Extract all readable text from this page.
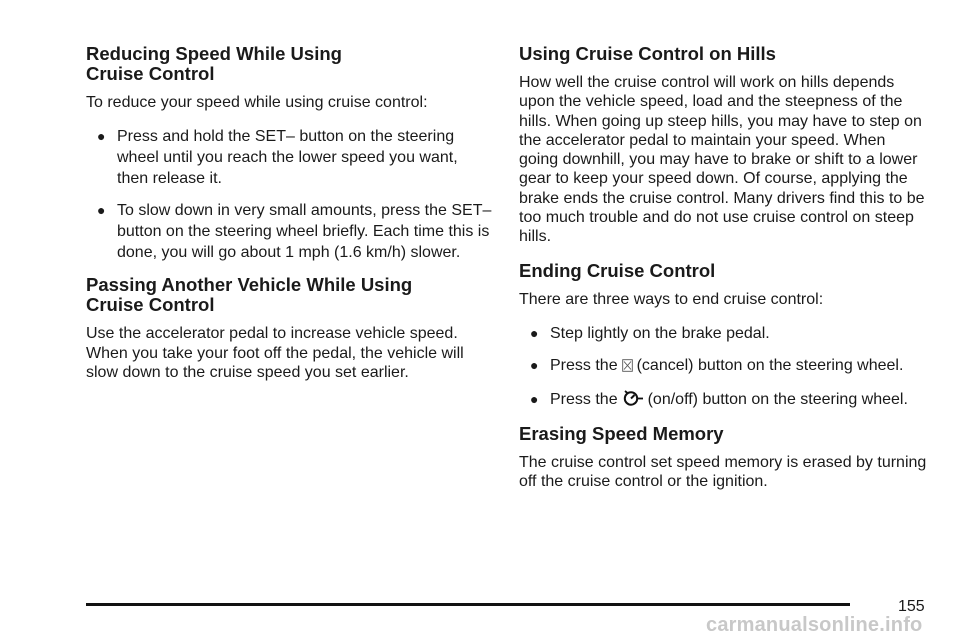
Reducing Speed While Using
Cruise Control

To reduce your speed while using cruise control:

● Press and hold the SET– button on the steering wheel until you reach the lower speed you want, then release it.
● To slow down in very small amounts, press the SET– button on the steering wheel briefly. Each time this is done, you will go about 1 mph (1.6 km/h) slower.
Passing Another Vehicle While Using
Cruise Control

Use the accelerator pedal to increase vehicle speed. When you take your foot off the pedal, the vehicle will slow down to the cruise speed you set earlier.

Using Cruise Control on Hills

How well the cruise control will work on hills depends upon the vehicle speed, load and the steepness of the hills. When going up steep hills, you may have to step on the accelerator pedal to maintain your speed. When going downhill, you may have to brake or shift to a lower gear to keep your speed down. Of course, applying the brake ends the cruise control. Many drivers find this to be too much trouble and do not use cruise control on steep hills.

Ending Cruise Control

There are three ways to end cruise control:

● Step lightly on the brake pedal.
● Press the (cancel) button on the steering wheel.
● Press the (on/off) button on the steering wheel.
Erasing Speed Memory

The cruise control set speed memory is erased by turning off the cruise control or the ignition.

155
carmanualsonline.info
